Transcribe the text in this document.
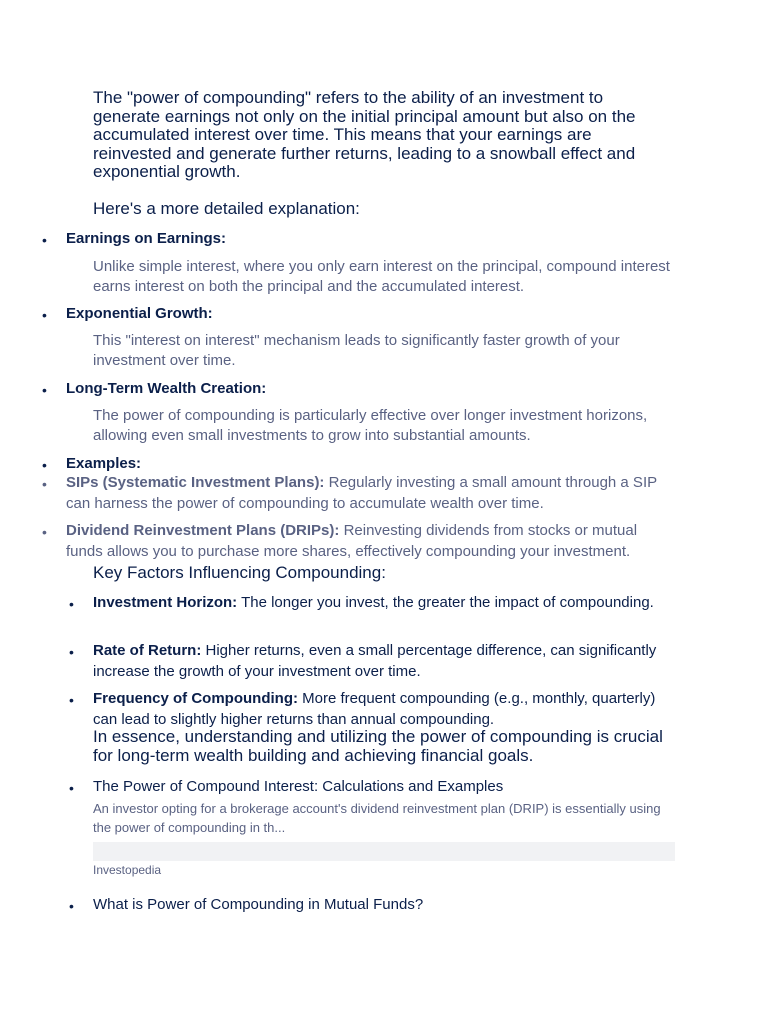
The "power of compounding" refers to the ability of an investment to generate earnings not only on the initial principal amount but also on the accumulated interest over time. This means that your earnings are reinvested and generate further returns, leading to a snowball effect and exponential growth.

Here's a more detailed explanation:

• Earnings on Earnings:

Unlike simple interest, where you only earn interest on the principal, compound interest earns interest on both the principal and the accumulated interest.

• Exponential Growth:

This "interest on interest" mechanism leads to significantly faster growth of your investment over time.

• Long-Term Wealth Creation:

The power of compounding is particularly effective over longer investment horizons, allowing even small investments to grow into substantial amounts.

• Examples:

• SIPs (Systematic Investment Plans): Regularly investing a small amount through a SIP can harness the power of compounding to accumulate wealth over time.

• Dividend Reinvestment Plans (DRIPs): Reinvesting dividends from stocks or mutual funds allows you to purchase more shares, effectively compounding your investment.

Key Factors Influencing Compounding:

• Investment Horizon: The longer you invest, the greater the impact of compounding.

• Rate of Return: Higher returns, even a small percentage difference, can significantly increase the growth of your investment over time.

• Frequency of Compounding: More frequent compounding (e.g., monthly, quarterly) can lead to slightly higher returns than annual compounding.

In essence, understanding and utilizing the power of compounding is crucial for long-term wealth building and achieving financial goals.

• The Power of Compound Interest: Calculations and Examples

An investor opting for a brokerage account's dividend reinvestment plan (DRIP) is essentially using the power of compounding in th...

Investopedia

• What is Power of Compounding in Mutual Funds?
